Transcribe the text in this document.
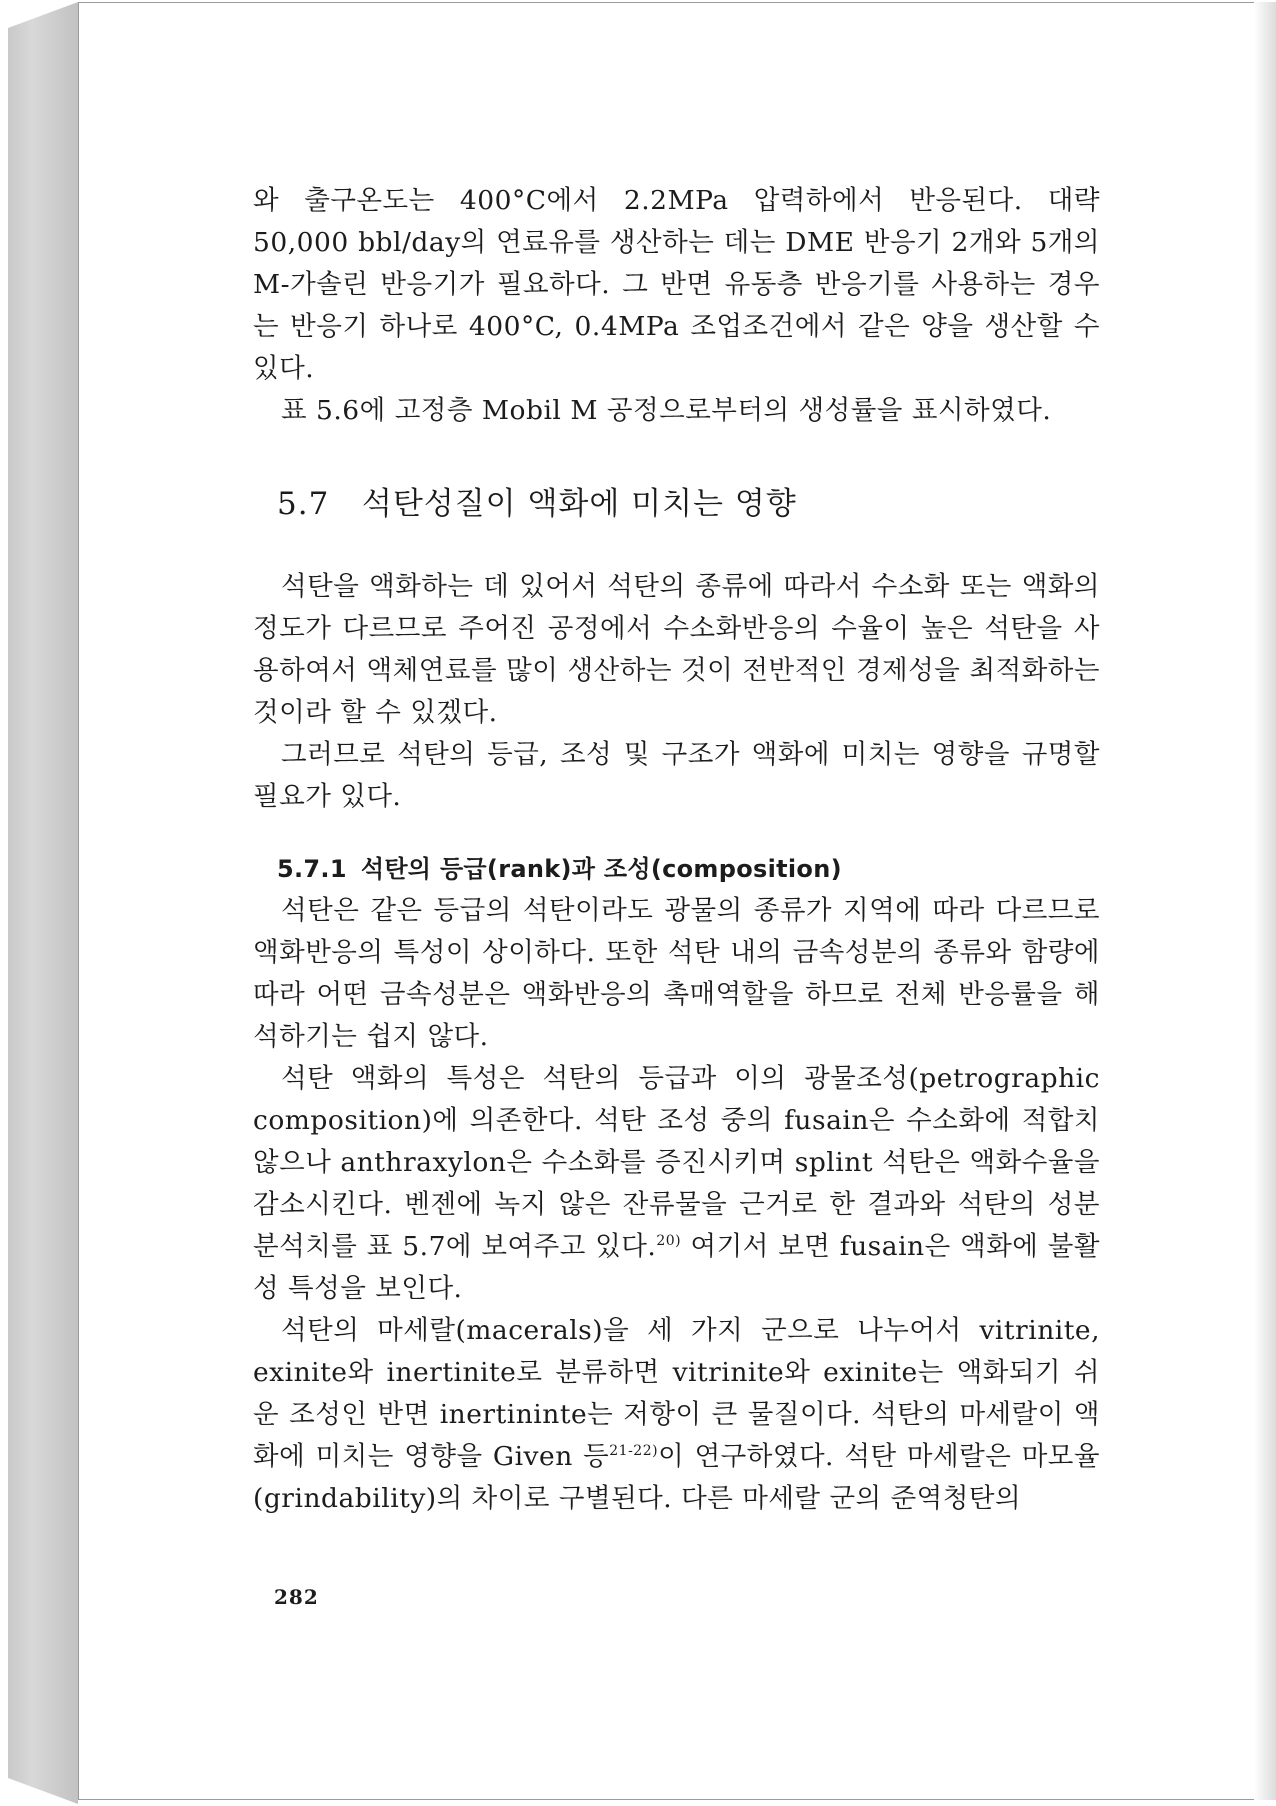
와 출구온도는 400°C에서 2.2MPa 압력하에서 반응된다. 대략 50,000 bbl/day의 연료유를 생산하는 데는 DME 반응기 2개와 5개의 M-가솔린 반응기가 필요하다. 그 반면 유동층 반응기를 사용하는 경우는 반응기 하나로 400°C, 0.4MPa 조업조건에서 같은 양을 생산할 수 있다.

표 5.6에 고정층 Mobil M 공정으로부터의 생성률을 표시하였다.

5.7 석탄성질이 액화에 미치는 영향

석탄을 액화하는 데 있어서 석탄의 종류에 따라서 수소화 또는 액화의 정도가 다르므로 주어진 공정에서 수소화반응의 수율이 높은 석탄을 사용하여서 액체연료를 많이 생산하는 것이 전반적인 경제성을 최적화하는 것이라 할 수 있겠다.

그러므로 석탄의 등급, 조성 및 구조가 액화에 미치는 영향을 규명할 필요가 있다.

5.7.1 석탄의 등급(rank)과 조성(composition)

석탄은 같은 등급의 석탄이라도 광물의 종류가 지역에 따라 다르므로 액화반응의 특성이 상이하다. 또한 석탄 내의 금속성분의 종류와 함량에 따라 어떤 금속성분은 액화반응의 촉매역할을 하므로 전체 반응률을 해석하기는 쉽지 않다.

석탄 액화의 특성은 석탄의 등급과 이의 광물조성(petrographic composition)에 의존한다. 석탄 조성 중의 fusain은 수소화에 적합치 않으나 anthraxylon은 수소화를 증진시키며 splint 석탄은 액화수율을 감소시킨다. 벤젠에 녹지 않은 잔류물을 근거로 한 결과와 석탄의 성분 분석치를 표 5.7에 보여주고 있다.$^{20)}$ 여기서 보면 fusain은 액화에 불활성 특성을 보인다.

석탄의 마세랄(macerals)을 세 가지 군으로 나누어서 vitrinite, exinite와 inertinite로 분류하면 vitrinite와 exinite는 액화되기 쉬운 조성인 반면 inertininte는 저항이 큰 물질이다. 석탄의 마세랄이 액화에 미치는 영향을 Given 등$^{21-22)}$이 연구하였다. 석탄 마세랄은 마모율(grindability)의 차이로 구별된다. 다른 마세랄 군의 준역청탄의

282
